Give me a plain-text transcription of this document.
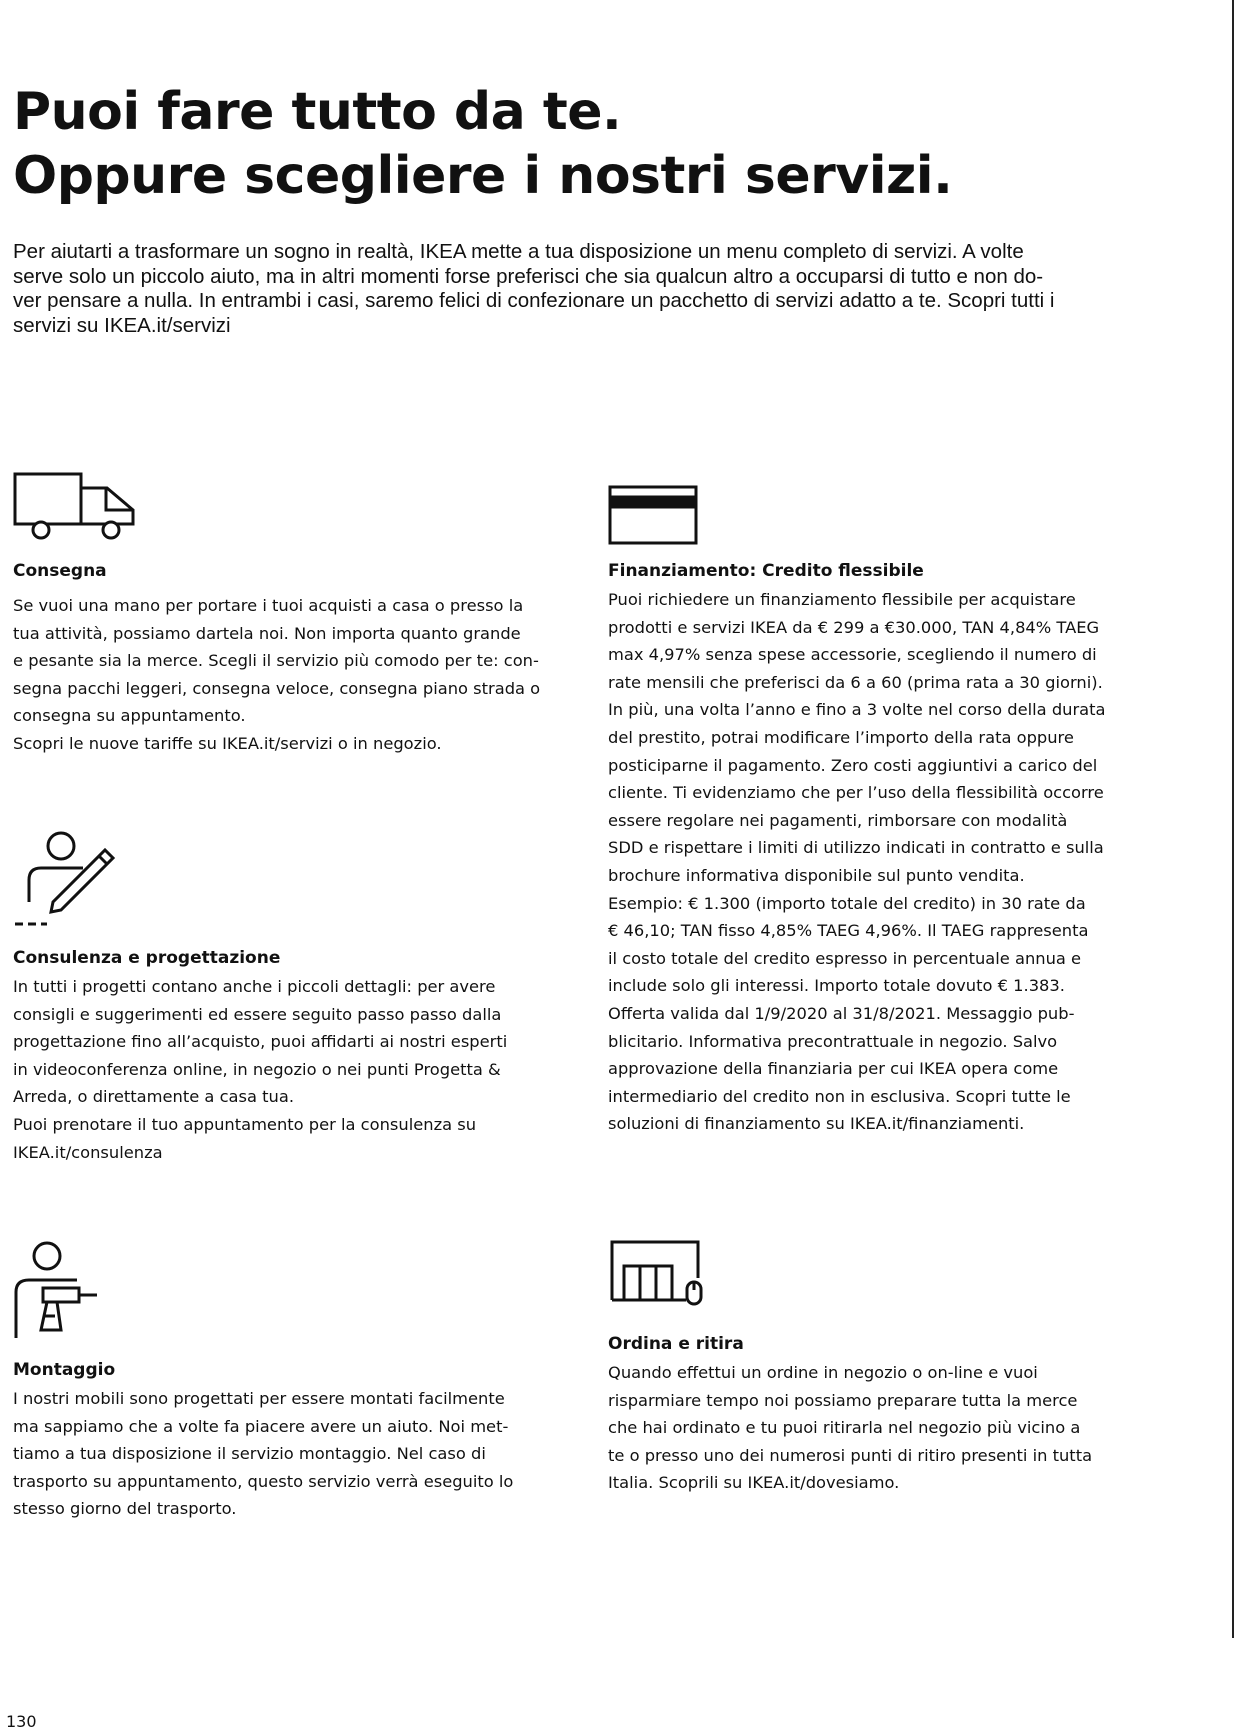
Puoi fare tutto da te.
Oppure scegliere i nostri servizi.

Per aiutarti a trasformare un sogno in realtà, IKEA mette a tua disposizione un menu completo di servizi. A volte
serve solo un piccolo aiuto, ma in altri momenti forse preferisci che sia qualcun altro a occuparsi di tutto e non do-
ver pensare a nulla. In entrambi i casi, saremo felici di confezionare un pacchetto di servizi adatto a te. Scopri tutti i
servizi su IKEA.it/servizi

Consegna
Se vuoi una mano per portare i tuoi acquisti a casa o presso la
tua attività, possiamo dartela noi. Non importa quanto grande
e pesante sia la merce. Scegli il servizio più comodo per te: con-
segna pacchi leggeri, consegna veloce, consegna piano strada o
consegna su appuntamento.
Scopri le nuove tariffe su IKEA.it/servizi o in negozio.
Finanziamento: Credito flessibile
Puoi richiedere un finanziamento flessibile per acquistare
prodotti e servizi IKEA da € 299 a €30.000, TAN 4,84% TAEG
max 4,97% senza spese accessorie, scegliendo il numero di
rate mensili che preferisci da 6 a 60 (prima rata a 30 giorni).
In più, una volta l’anno e fino a 3 volte nel corso della durata
del prestito, potrai modificare l’importo della rata oppure
posticiparne il pagamento. Zero costi aggiuntivi a carico del
cliente. Ti evidenziamo che per l’uso della flessibilità occorre
essere regolare nei pagamenti, rimborsare con modalità
SDD e rispettare i limiti di utilizzo indicati in contratto e sulla
brochure informativa disponibile sul punto vendita.
Esempio: € 1.300 (importo totale del credito) in 30 rate da
€ 46,10; TAN fisso 4,85% TAEG 4,96%. Il TAEG rappresenta
il costo totale del credito espresso in percentuale annua e
include solo gli interessi. Importo totale dovuto € 1.383.
Offerta valida dal 1/9/2020 al 31/8/2021. Messaggio pub-
blicitario. Informativa precontrattuale in negozio. Salvo
approvazione della finanziaria per cui IKEA opera come
intermediario del credito non in esclusiva. Scopri tutte le
soluzioni di finanziamento su IKEA.it/finanziamenti.
Consulenza e progettazione
In tutti i progetti contano anche i piccoli dettagli: per avere
consigli e suggerimenti ed essere seguito passo passo dalla
progettazione fino all’acquisto, puoi affidarti ai nostri esperti
in videoconferenza online, in negozio o nei punti Progetta &
Arreda, o direttamente a casa tua.
Puoi prenotare il tuo appuntamento per la consulenza su
IKEA.it/consulenza
Montaggio
I nostri mobili sono progettati per essere montati facilmente
ma sappiamo che a volte fa piacere avere un aiuto. Noi met-
tiamo a tua disposizione il servizio montaggio. Nel caso di
trasporto su appuntamento, questo servizio verrà eseguito lo
stesso giorno del trasporto.
Ordina e ritira
Quando effettui un ordine in negozio o on-line e vuoi
risparmiare tempo noi possiamo preparare tutta la merce
che hai ordinato e tu puoi ritirarla nel negozio più vicino a
te o presso uno dei numerosi punti di ritiro presenti in tutta
Italia. Scoprili su IKEA.it/dovesiamo.
130
